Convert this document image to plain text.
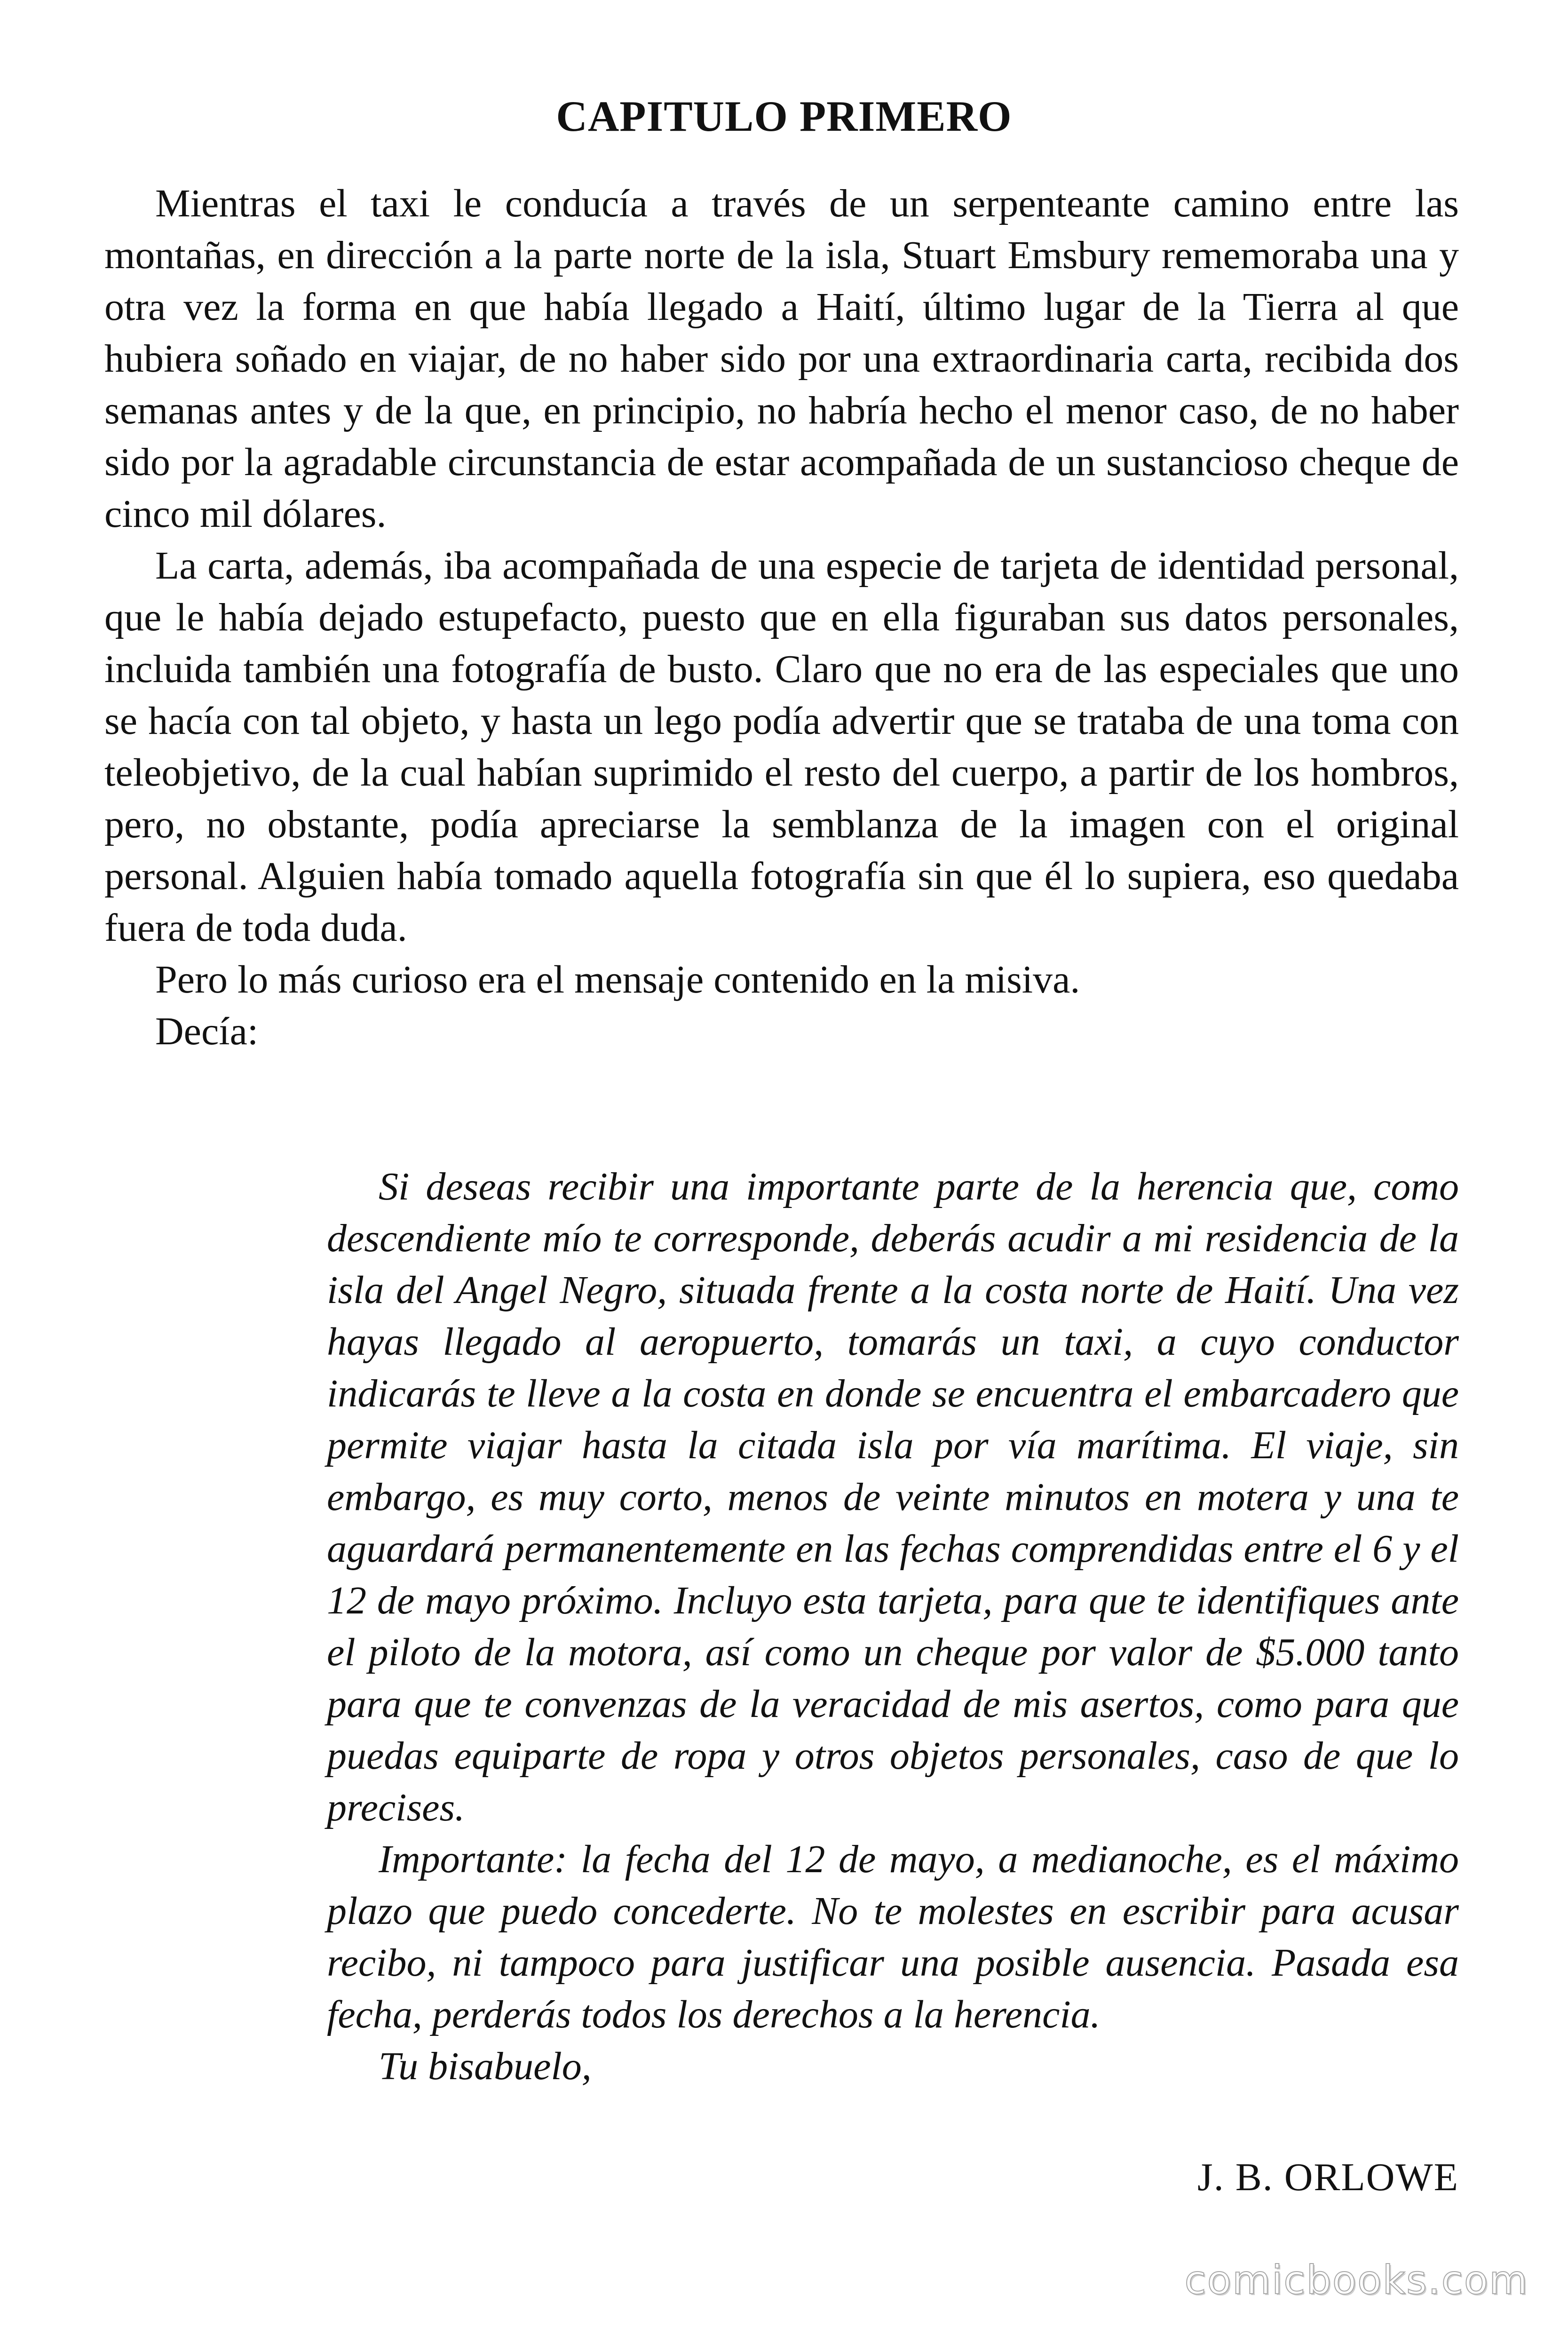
CAPITULO PRIMERO

Mientras el taxi le conducía a través de un serpenteante camino entre las montañas, en dirección a la parte norte de la isla, Stuart Emsbury rememoraba una y otra vez la forma en que había llegado a Haití, último lugar de la Tierra al que hubiera soñado en viajar, de no haber sido por una extraordinaria carta, recibida dos semanas antes y de la que, en principio, no habría hecho el menor caso, de no haber sido por la agradable circunstancia de estar acompañada de un sustancioso cheque de cinco mil dólares.

La carta, además, iba acompañada de una especie de tarjeta de identidad personal, que le había dejado estupefacto, puesto que en ella figuraban sus datos personales, incluida también una fotografía de busto. Claro que no era de las especiales que uno se hacía con tal objeto, y hasta un lego podía advertir que se trataba de una toma con teleobjetivo, de la cual habían suprimido el resto del cuerpo, a partir de los hombros, pero, no obstante, podía apreciarse la semblanza de la imagen con el original personal. Alguien había tomado aquella fotografía sin que él lo supiera, eso quedaba fuera de toda duda.

Pero lo más curioso era el mensaje contenido en la misiva.

Decía:

Si deseas recibir una importante parte de la herencia que, como descendiente mío te corresponde, deberás acudir a mi residencia de la isla del Angel Negro, situada frente a la costa norte de Haití. Una vez hayas llegado al aeropuerto, tomarás un taxi, a cuyo conductor indicarás te lleve a la costa en donde se encuentra el embarcadero que permite viajar hasta la citada isla por vía marítima. El viaje, sin embargo, es muy corto, menos de veinte minutos en motera y una te aguardará permanentemente en las fechas comprendidas entre el 6 y el 12 de mayo próximo. Incluyo esta tarjeta, para que te identifiques ante el piloto de la motora, así como un cheque por valor de $5.000 tanto para que te convenzas de la veracidad de mis asertos, como para que puedas equiparte de ropa y otros objetos personales, caso de que lo precises.

Importante: la fecha del 12 de mayo, a medianoche, es el máximo plazo que puedo concederte. No te molestes en escribir para acusar recibo, ni tampoco para justificar una posible ausencia. Pasada esa fecha, perderás todos los derechos a la herencia.

Tu bisabuelo,

J. B. ORLOWE
comicbooks.com
